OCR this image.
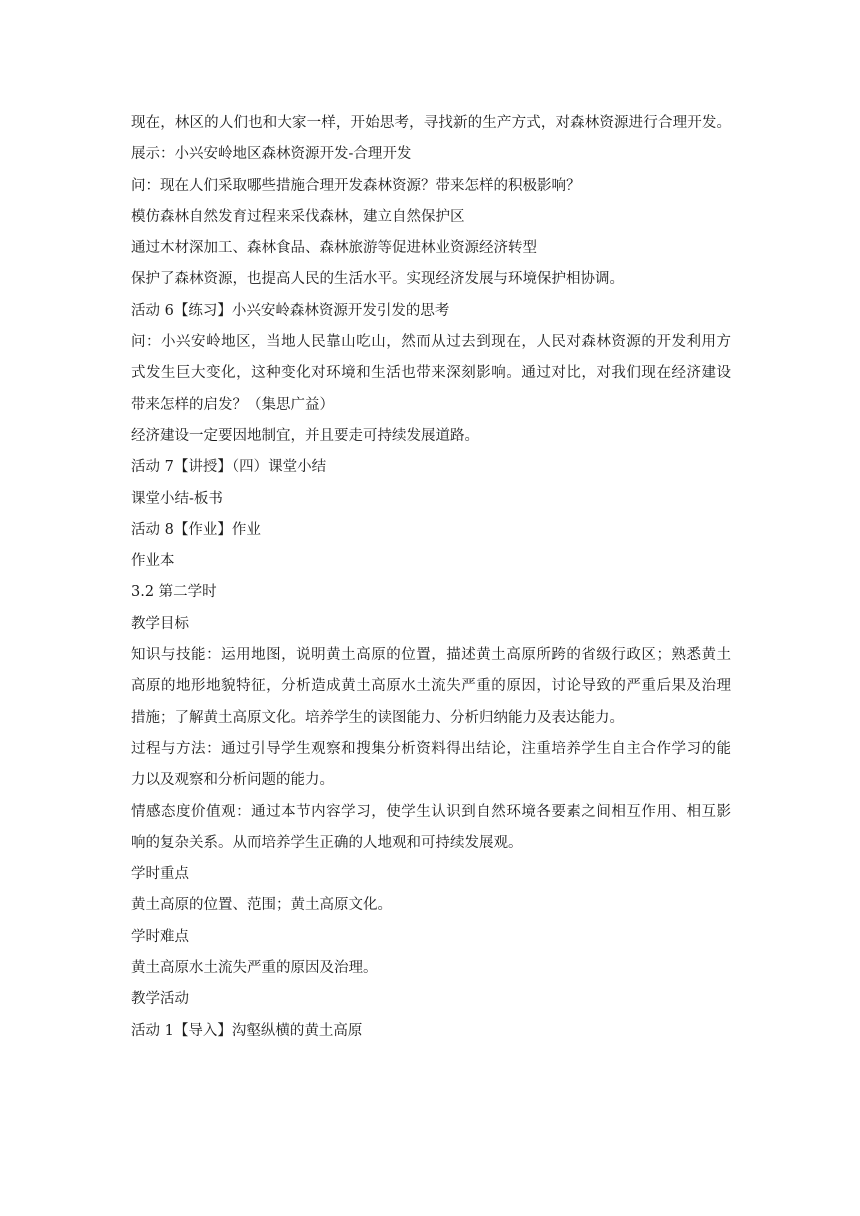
现在，林区的人们也和大家一样，开始思考，寻找新的生产方式，对森林资源进行合理开发。
展示：小兴安岭地区森林资源开发-合理开发
问：现在人们采取哪些措施合理开发森林资源？带来怎样的积极影响？
模仿森林自然发育过程来采伐森林，建立自然保护区
通过木材深加工、森林食品、森林旅游等促进林业资源经济转型
保护了森林资源，也提高人民的生活水平。实现经济发展与环境保护相协调。
活动 6【练习】小兴安岭森林资源开发引发的思考
问：小兴安岭地区，当地人民靠山吃山，然而从过去到现在，人民对森林资源的开发利用方
式发生巨大变化，这种变化对环境和生活也带来深刻影响。通过对比，对我们现在经济建设
带来怎样的启发？（集思广益）
经济建设一定要因地制宜，并且要走可持续发展道路。
活动 7【讲授】（四）课堂小结
课堂小结-板书
活动 8【作业】作业
作业本
3.2 第二学时
教学目标
知识与技能：运用地图，说明黄土高原的位置，描述黄土高原所跨的省级行政区；熟悉黄土
高原的地形地貌特征，分析造成黄土高原水土流失严重的原因，讨论导致的严重后果及治理
措施；了解黄土高原文化。培养学生的读图能力、分析归纳能力及表达能力。
过程与方法：通过引导学生观察和搜集分析资料得出结论，注重培养学生自主合作学习的能
力以及观察和分析问题的能力。
情感态度价值观：通过本节内容学习，使学生认识到自然环境各要素之间相互作用、相互影
响的复杂关系。从而培养学生正确的人地观和可持续发展观。
学时重点
黄土高原的位置、范围；黄土高原文化。
学时难点
黄土高原水土流失严重的原因及治理。
教学活动
活动 1【导入】沟壑纵横的黄土高原
